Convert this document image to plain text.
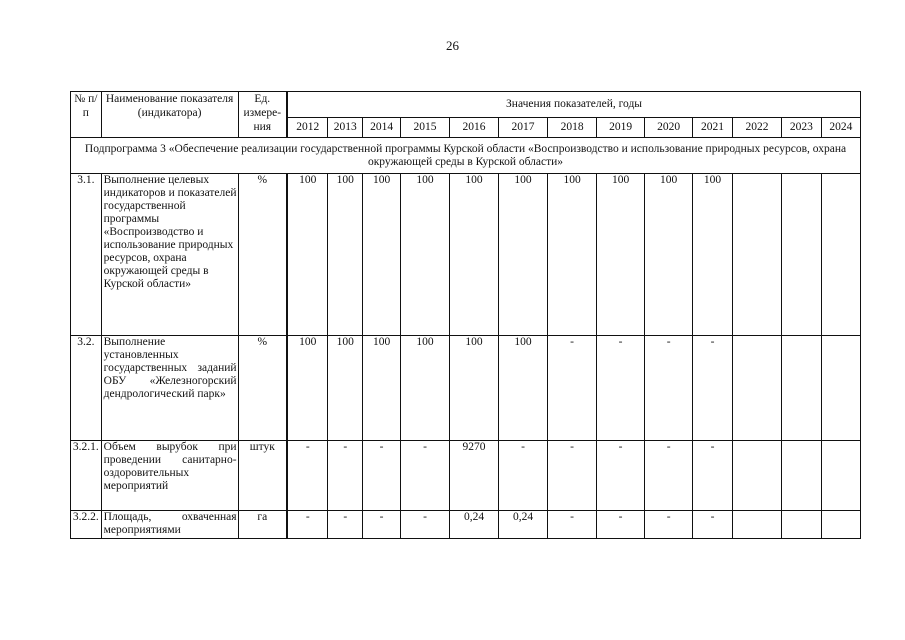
26
№ п/п	Наименование показателя (индикатора)	Ед. измере-ния	Значения показателей, годы												
			2012	2013	2014	2015	2016	2017	2018	2019	2020	2021	2022	2023	2024
Подпрограмма 3 «Обеспечение реализации государственной программы Курской области «Воспроизводство и использование природных ресурсов, охрана окружающей среды в Курской области»															
3.1.	Выполнение целевых индикаторов и показателей государственной программы «Воспроизводство и использование природных ресурсов, охрана окружающей среды в Курской области»	%	100	100	100	100	100	100	100	100	100	100			
3.2.	Выполнение установленных государственных заданий ОБУ «Железногорский дендрологический парк»	%	100	100	100	100	100	100	-	-	-	-			
3.2.1.	Объем вырубок при проведении санитарно-оздоровительных мероприятий	штук	-	-	-	-	9270	-	-	-	-	-			
3.2.2.	Площадь, охваченная мероприятиями	га	-	-	-	-	0,24	0,24	-	-	-	-			
